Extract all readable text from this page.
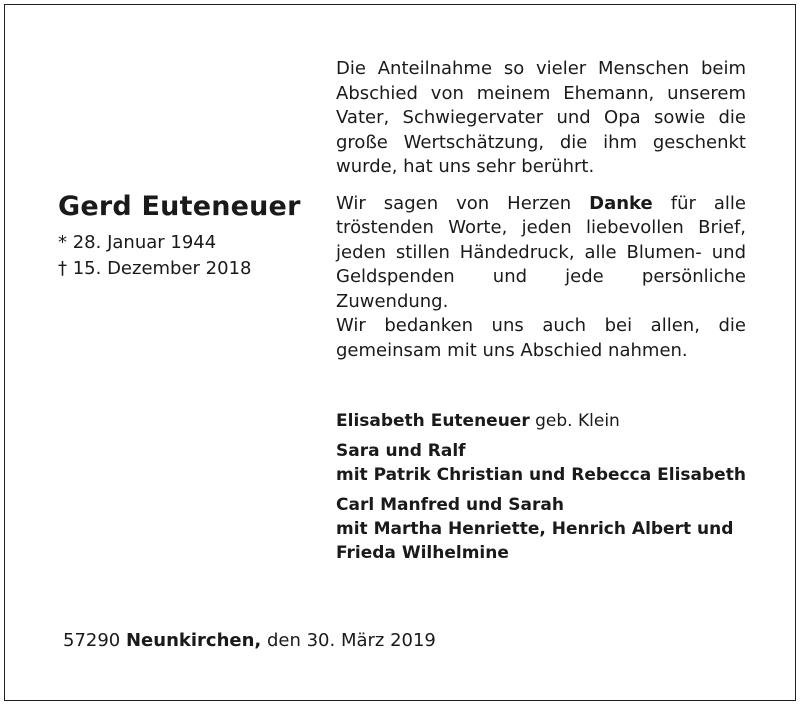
Gerd Euteneuer

* 28. Januar 1944

† 15. Dezember 2018

Die Anteilnahme so vieler Menschen beim Abschied von meinem Ehemann, unserem Vater, Schwiegervater und Opa sowie die große Wertschätzung, die ihm geschenkt wurde, hat uns sehr berührt.

Wir sagen von Herzen Danke für alle tröstenden Worte, jeden liebevollen Brief, jeden stillen Händedruck, alle Blumen- und Geldspenden und jede persönliche Zuwendung.

Wir bedanken uns auch bei allen, die gemeinsam mit uns Abschied nahmen.

Elisabeth Euteneuer geb. Klein

Sara und Ralf
mit Patrik Christian und Rebecca Elisabeth

Carl Manfred und Sarah
mit Martha Henriette, Henrich Albert und
Frieda Wilhelmine

57290 Neunkirchen, den 30. März 2019
